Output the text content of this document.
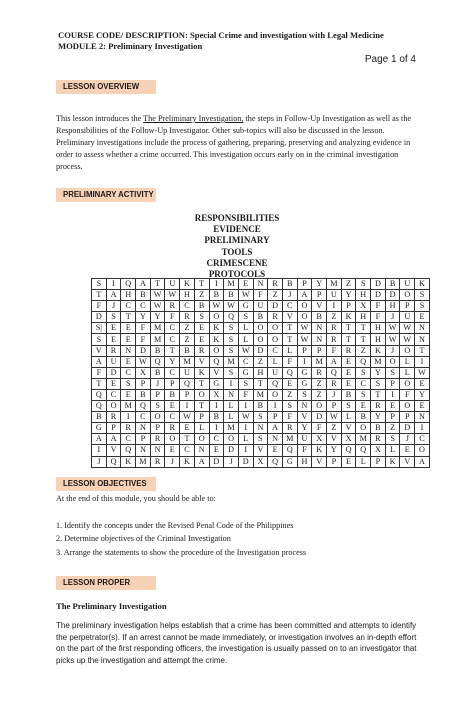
COURSE CODE/ DESCRIPTION: Special Crime and investigation with Legal Medicine
MODULE 2: Preliminary Investigation
Page 1 of 4
LESSON OVERVIEW
This lesson introduces the The Preliminary Investigation, the steps in Follow-Up Investigation as well as the Responsibilities of the Follow-Up Investigator. Other sub-topics will also be discussed in the lesson. Preliminary investigations include the process of gathering, preparing, preserving and analyzing evidence in order to assess whether a crime occurred. This investigation occurs early on in the criminal investigation process.
PRELIMINARY ACTIVITY
RESPONSIBILITIES
EVIDENCE
PRELIMINARY
TOOLS
CRIMESCENE
PROTOCOLS
S	I	Q	A	T	U	K	T	I	M	E	N	R	B	P	Y	M	Z	S	D	B	U	K
T	A	H	B	W	W	H	Z	B	B	W	F	Z	J	A	P	U	Y	H	D	D	O	S
F	J	C	C	W	R	C	B	W	W	G	U	D	C	O	V	I	P	X	F	H	P	S
D	S	T	Y	Y	F	R	S	O	Q	S	B	R	V	O	B	Z	K	H	F	J	U	E
S|	E	E	F	M	C	Z	E	K	S	L	O	O	T	W	N	R	T	T	H	W	W	N
S	E	E	F	M	C	Z	E	K	S	L	O	O	T	W	N	R	T	T	H	W	W	N
V	R	N	D	B	T	B	R	O	S	W	D	C	L	P	P	F	R	Z	K	J	O	T
A	U	E	W	Q	Y	M	V	Q	M	C	Z	L	F	I	M	A	E	Q	M	O	L	I
F	D	C	X	B	C	U	K	V	S	G	H	U	Q	G	R	Q	E	S	Y	S	L	W
T	E	S	P	J	P	Q	T	G	I	S	T	Q	E	G	Z	R	E	C	S	P	O	E
Q	C	E	B	P	B	P	O	X	N	F	M	O	Z	S	Z	J	B	S	T	I	F	Y
Q	O	M	Q	S	E	I	T	I	L	I	B	I	S	N	O	P	S	E	R	E	O	E
B	R	I	C	O	C	W	P	B	L	W	S	P	F	V	D	W	L	B	Y	P	P	N
G	P	R	N	P	R	E	L	I	M	I	N	A	R	Y	F	Z	V	O	B	Z	D	I
A	A	C	P	R	O	T	O	C	O	L	S	N	M	U	X	V	X	M	R	S	J	C
I	V	Q	N	N	E	C	N	E	D	I	V	E	Q	F	K	Y	Q	Q	X	L	E	O
J	Q	K	M	R	J	K	A	D	J	D	X	Q	G	H	V	P	E	L	P	K	V	A
LESSON OBJECTIVES
At the end of this module, you should be able to:
1. Identify the concepts under the Revised Penal Code of the Philippines
2. Determine objectives of the Criminal Investigation
3. Arrange the statements to show the procedure of the Investigation process
LESSON PROPER
The Preliminary Investigation
The preliminary investigation helps establish that a crime has been committed and attempts to identify the perpetrator(s). If an arrest cannot be made immediately, or investigation involves an in-depth effort on the part of the first responding officers, the investigation is usually passed on to an investigator that picks up the investigation and attempt the crime.
